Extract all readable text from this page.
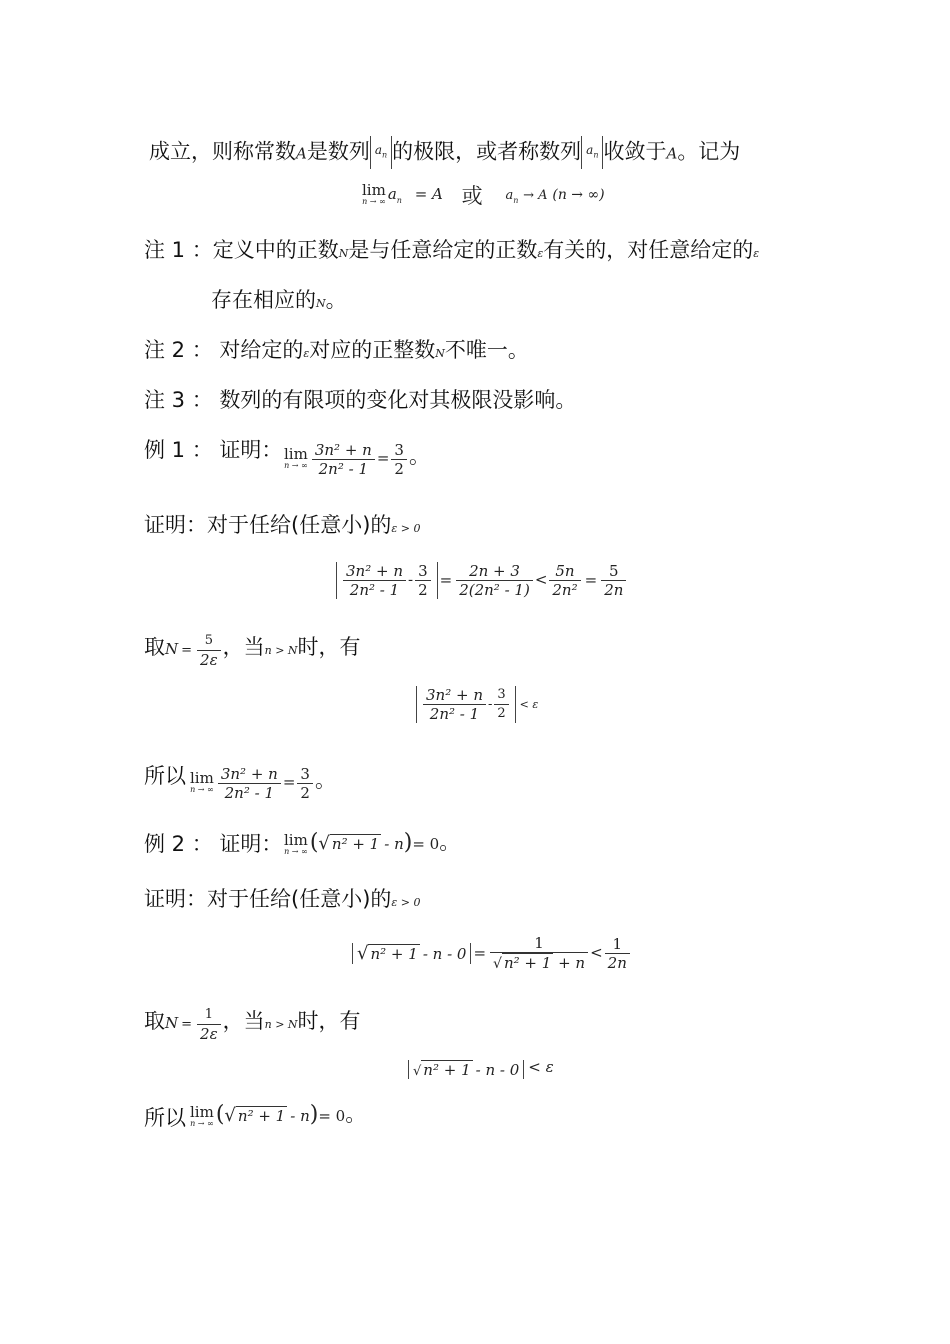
成立，则称常数A是数列 $a_n$ 的极限，或者称数列 $a_n$ 收敛于A。记为
lim
n → ∞ $a_n = A$ 或 $a_n \to A$ (n → ∞)
注 1 ：定义中的正数N是与任意给定的正数ε有关的，对任意给定的ε
存在相应的N。
注 2 ： 对给定的ε对应的正整数N不唯一。
注 3 ： 数列的有限项的变化对其极限没影响。
例 1 ： 证明： lim
n → ∞ $\frac{\text{3n² + n}}{\text{2n² - 1}} = \frac{3}{2}$ 。
证明：对于任给(任意小)的ε > 0
$\frac{\text{3n² + n}}{\text{2n² - 1}} - \frac{3}{2} = \frac{2n + 3}{\text{2(2n² - 1)}} < \frac{5n}{\text{2n²}} = \frac{5}{2n}$
取$N = \frac{5}{2\varepsilon}$ ，当n > N时，有
$\frac{\text{3n² + n}}{\text{2n² - 1}} - \frac{3}{2} < \varepsilon$
所以 lim
n → ∞ $\frac{\text{3n² + n}}{\text{2n² - 1}} = \frac{3}{2}$ 。
例 2 ： 证明： lim
n → ∞ (√ n² + 1 - n)= 0。
证明：对于任给(任意小)的ε > 0
√ $n^2 + 1 - n - 0 = \frac{1}{\text{√ n² + 1 + n}} < \frac{1}{2n}$
取$N = \frac{1}{2\varepsilon}$ ，当n > N时，有
√ n² + 1 - n - 0 < ε
所以 lim
n → ∞ (√ n² + 1 - n)= 0。
